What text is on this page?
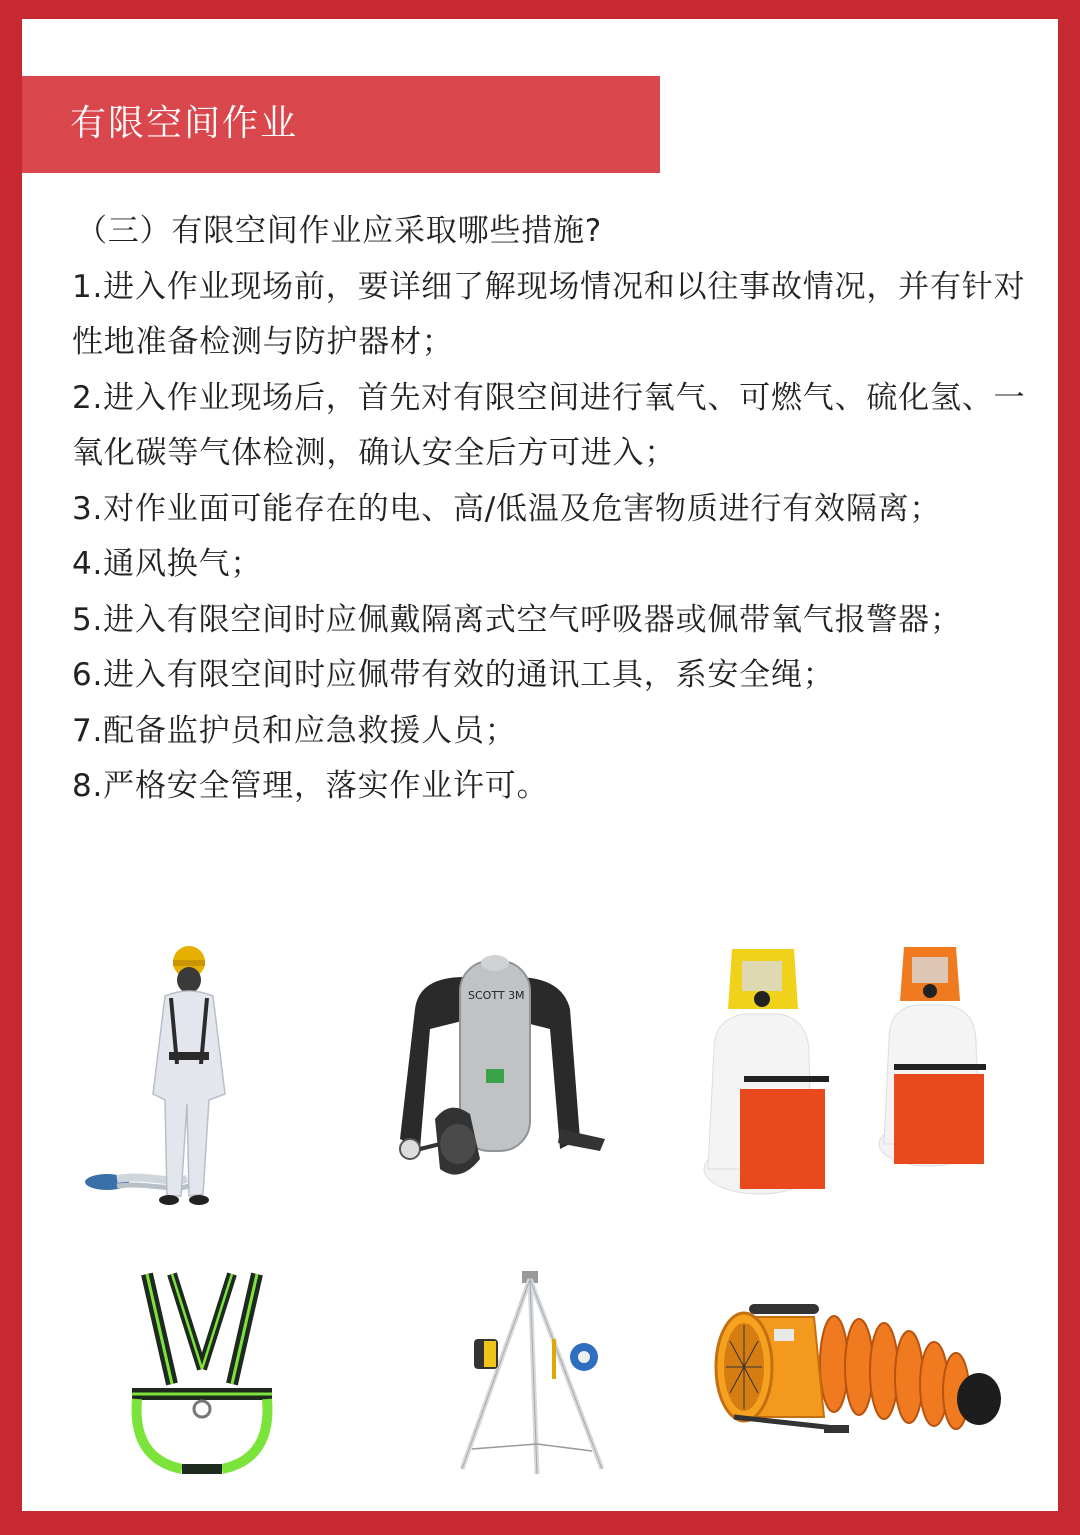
有限空间作业

（三）有限空间作业应采取哪些措施?

1.进入作业现场前，要详细了解现场情况和以往事故情况，并有针对性地准备检测与防护器材；

2.进入作业现场后，首先对有限空间进行氧气、可燃气、硫化氢、一氧化碳等气体检测，确认安全后方可进入；

3.对作业面可能存在的电、高/低温及危害物质进行有效隔离；

4.通风换气；

5.进入有限空间时应佩戴隔离式空气呼吸器或佩带氧气报警器；

6.进入有限空间时应佩带有效的通讯工具，系安全绳；

7.配备监护员和应急救援人员；

8.严格安全管理，落实作业许可。

SCOTT 3M
